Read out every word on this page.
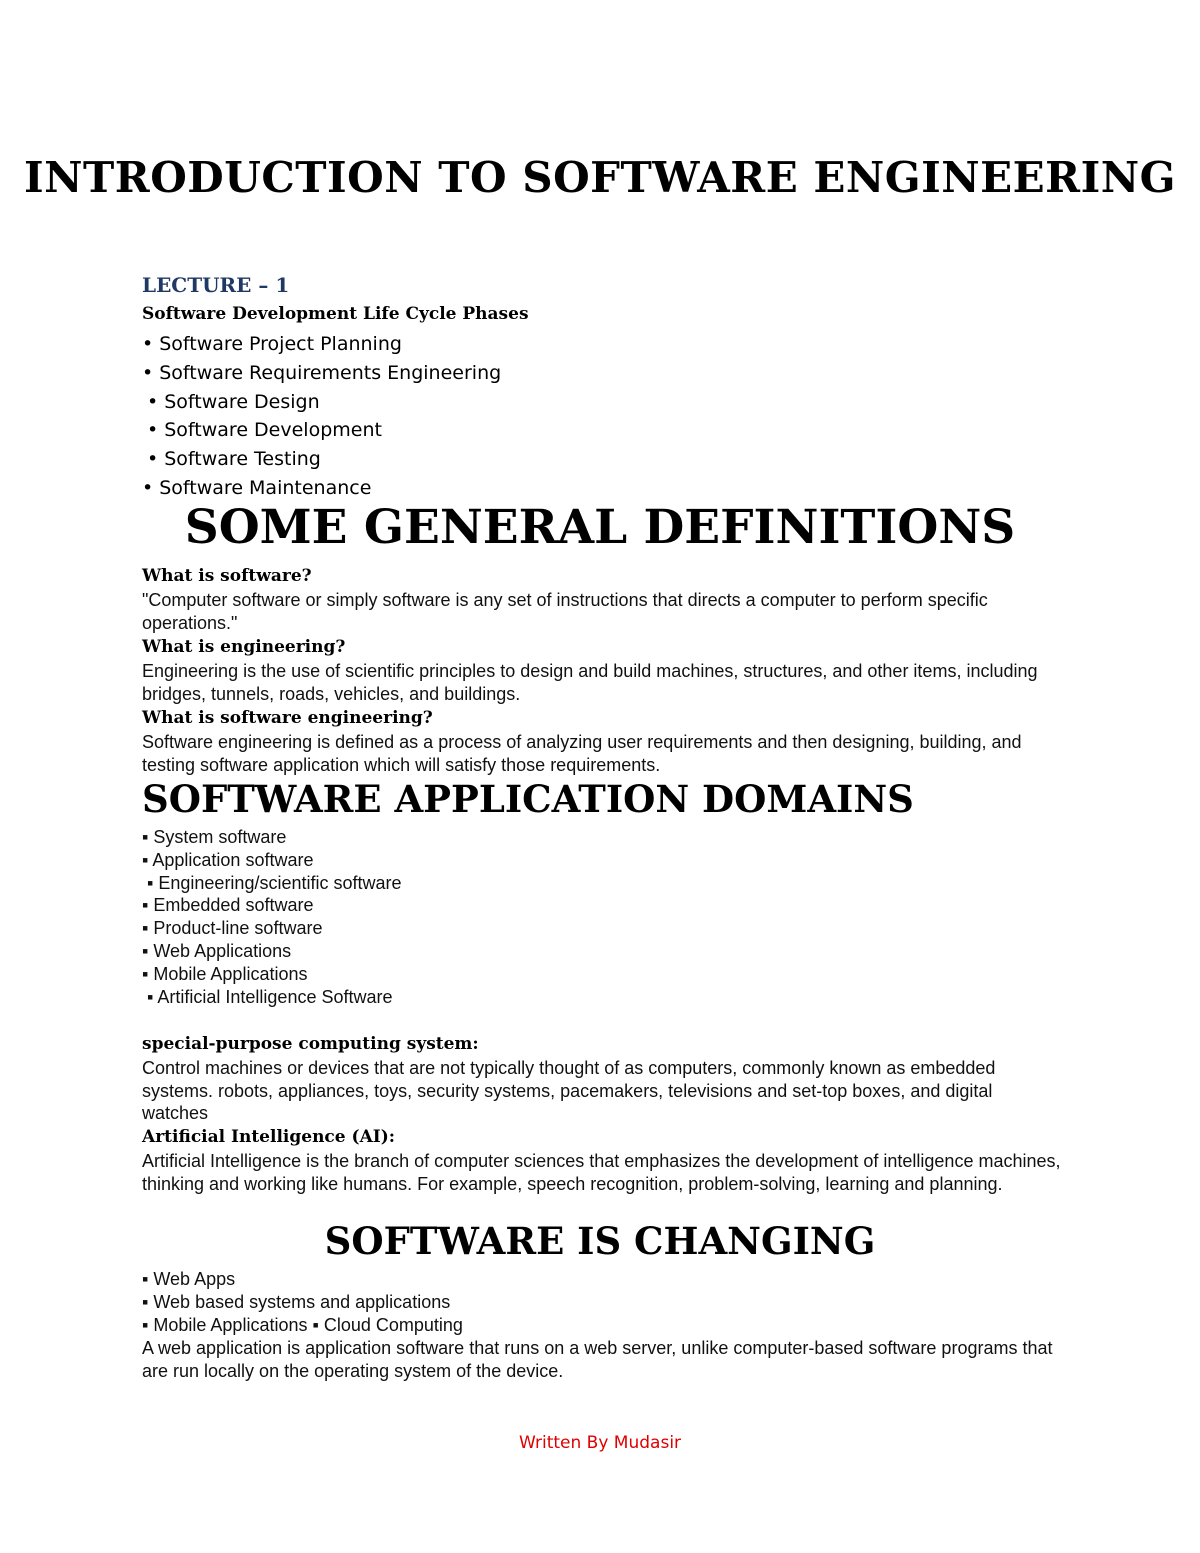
INTRODUCTION TO SOFTWARE ENGINEERING
LECTURE – 1
Software Development Life Cycle Phases
• Software Project Planning
• Software Requirements Engineering
• Software Design
• Software Development
• Software Testing
• Software Maintenance
SOME GENERAL DEFINITIONS
What is software?
"Computer software or simply software is any set of instructions that directs a computer to perform specific operations."
What is engineering?
Engineering is the use of scientific principles to design and build machines, structures, and other items, including bridges, tunnels, roads, vehicles, and buildings.
What is software engineering?
Software engineering is defined as a process of analyzing user requirements and then designing, building, and testing software application which will satisfy those requirements.
SOFTWARE APPLICATION DOMAINS
▪ System software
▪ Application software
▪ Engineering/scientific software
▪ Embedded software
▪ Product-line software
▪ Web Applications
▪ Mobile Applications
▪ Artificial Intelligence Software
special-purpose computing system:
Control machines or devices that are not typically thought of as computers, commonly known as embedded systems. robots, appliances, toys, security systems, pacemakers, televisions and set-top boxes, and digital watches
Artificial Intelligence (AI):
Artificial Intelligence is the branch of computer sciences that emphasizes the development of intelligence machines, thinking and working like humans. For example, speech recognition, problem-solving, learning and planning.
SOFTWARE IS CHANGING
▪ Web Apps
▪ Web based systems and applications
▪ Mobile Applications ▪ Cloud Computing
A web application is application software that runs on a web server, unlike computer-based software programs that are run locally on the operating system of the device.
Written By Mudasir
